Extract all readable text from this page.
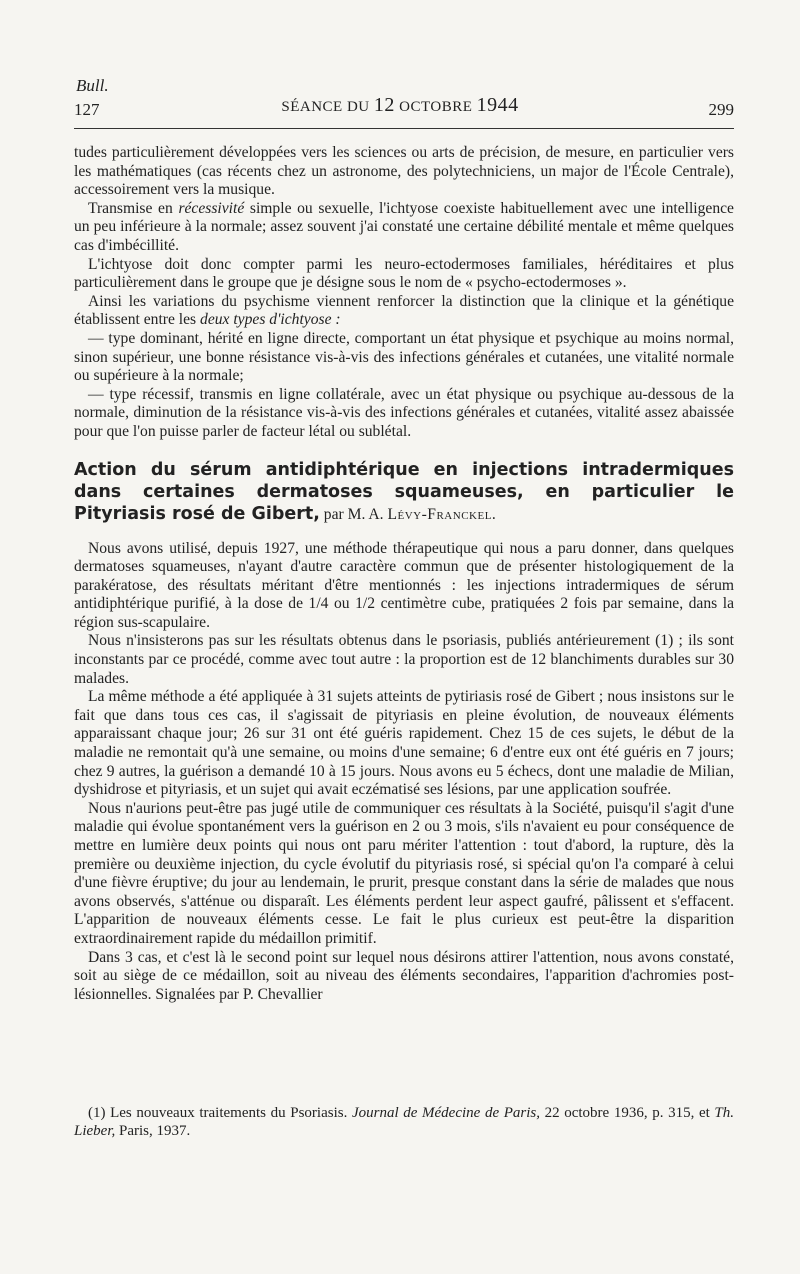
Bull.
127	SÉANCE DU 12 OCTOBRE 1944	299

tudes particulièrement développées vers les sciences ou arts de précision, de mesure, en particulier vers les mathématiques (cas récents chez un astronome, des polytechniciens, un major de l'École Centrale), accessoirement vers la musique.

Transmise en récessivité simple ou sexuelle, l'ichtyose coexiste habituellement avec une intelligence un peu inférieure à la normale; assez souvent j'ai constaté une certaine débilité mentale et même quelques cas d'imbécillité.

L'ichtyose doit donc compter parmi les neuro-ectodermoses familiales, héréditaires et plus particulièrement dans le groupe que je désigne sous le nom de « psycho-ectodermoses ».

Ainsi les variations du psychisme viennent renforcer la distinction que la clinique et la génétique établissent entre les deux types d'ichtyose :

— type dominant, hérité en ligne directe, comportant un état physique et psychique au moins normal, sinon supérieur, une bonne résistance vis-à-vis des infections générales et cutanées, une vitalité normale ou supérieure à la normale;

— type récessif, transmis en ligne collatérale, avec un état physique ou psychique au-dessous de la normale, diminution de la résistance vis-à-vis des infections générales et cutanées, vitalité assez abaissée pour que l'on puisse parler de facteur létal ou sublétal.

Action du sérum antidiphtérique en injections intradermiques dans certaines dermatoses squameuses, en particulier le Pityriasis rosé de Gibert, par M. A. Lévy-Franckel.

Nous avons utilisé, depuis 1927, une méthode thérapeutique qui nous a paru donner, dans quelques dermatoses squameuses, n'ayant d'autre caractère commun que de présenter histologiquement de la parakératose, des résultats méritant d'être mentionnés : les injections intradermiques de sérum antidiphtérique purifié, à la dose de 1/4 ou 1/2 centimètre cube, pratiquées 2 fois par semaine, dans la région sus-scapulaire.

Nous n'insisterons pas sur les résultats obtenus dans le psoriasis, publiés antérieurement (1) ; ils sont inconstants par ce procédé, comme avec tout autre : la proportion est de 12 blanchiments durables sur 30 malades.

La même méthode a été appliquée à 31 sujets atteints de pytiriasis rosé de Gibert ; nous insistons sur le fait que dans tous ces cas, il s'agissait de pityriasis en pleine évolution, de nouveaux éléments apparaissant chaque jour; 26 sur 31 ont été guéris rapidement. Chez 15 de ces sujets, le début de la maladie ne remontait qu'à une semaine, ou moins d'une semaine; 6 d'entre eux ont été guéris en 7 jours; chez 9 autres, la guérison a demandé 10 à 15 jours. Nous avons eu 5 échecs, dont une maladie de Milian, dyshidrose et pityriasis, et un sujet qui avait eczématisé ses lésions, par une application soufrée.

Nous n'aurions peut-être pas jugé utile de communiquer ces résultats à la Société, puisqu'il s'agit d'une maladie qui évolue spontanément vers la guérison en 2 ou 3 mois, s'ils n'avaient eu pour conséquence de mettre en lumière deux points qui nous ont paru mériter l'attention : tout d'abord, la rupture, dès la première ou deuxième injection, du cycle évolutif du pityriasis rosé, si spécial qu'on l'a comparé à celui d'une fièvre éruptive; du jour au lendemain, le prurit, presque constant dans la série de malades que nous avons observés, s'atténue ou disparaît. Les éléments perdent leur aspect gaufré, pâlissent et s'effacent. L'apparition de nouveaux éléments cesse. Le fait le plus curieux est peut-être la disparition extraordinairement rapide du médaillon primitif.

Dans 3 cas, et c'est là le second point sur lequel nous désirons attirer l'attention, nous avons constaté, soit au siège de ce médaillon, soit au niveau des éléments secondaires, l'apparition d'achromies post-lésionnelles. Signalées par P. Chevallier

(1) Les nouveaux traitements du Psoriasis. Journal de Médecine de Paris, 22 octobre 1936, p. 315, et Th. Lieber, Paris, 1937.
